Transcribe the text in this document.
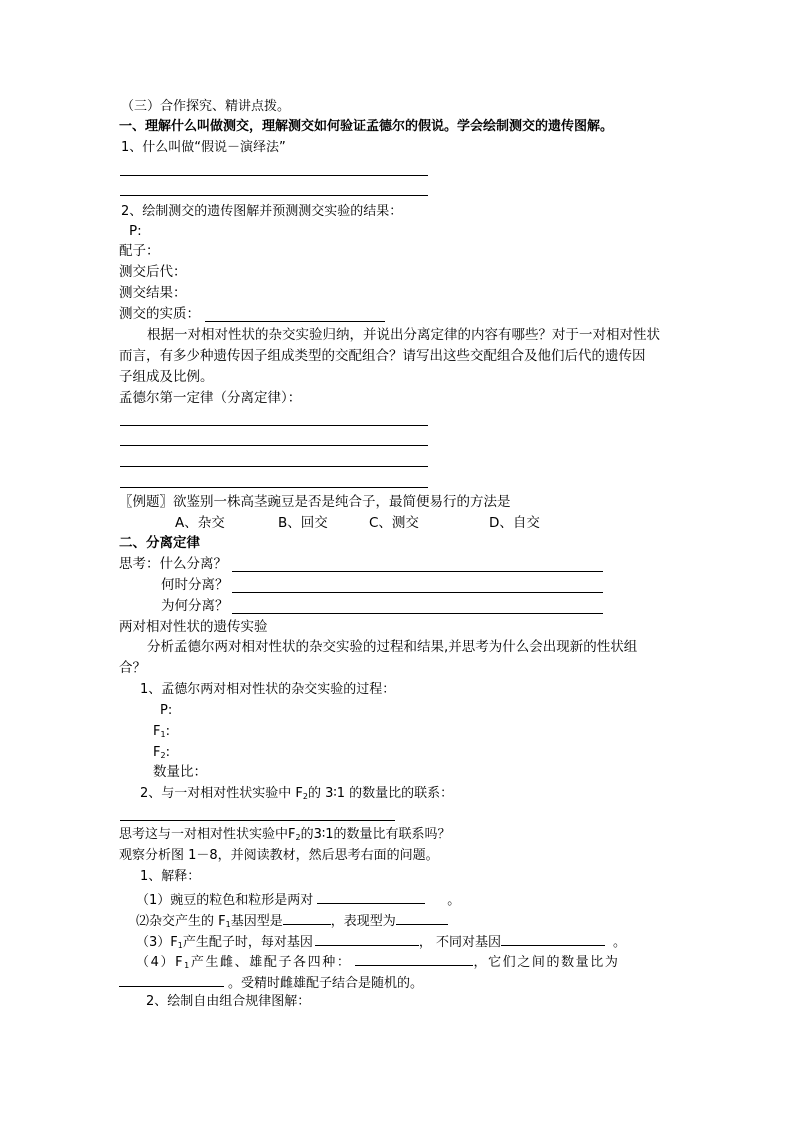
（三）合作探究、精讲点拨。
一、理解什么叫做测交，理解测交如何验证孟德尔的假说。学会绘制测交的遗传图解。
1、什么叫做“假说－演绎法”
2、绘制测交的遗传图解并预测测交实验的结果：
P:
配子：
测交后代：
测交结果：
测交的实质：
根据一对相对性状的杂交实验归纳，并说出分离定律的内容有哪些？对于一对相对性状
而言，有多少种遗传因子组成类型的交配组合？请写出这些交配组合及他们后代的遗传因
子组成及比例。
孟德尔第一定律（分离定律）：
〖例题〗欲鉴别一株高茎豌豆是否是纯合子，最简便易行的方法是
A、杂交	B、回交	C、测交	D、自交
二、分离定律
思考：什么分离？
何时分离？
为何分离？
两对相对性状的遗传实验
分析孟德尔两对相对性状的杂交实验的过程和结果,并思考为什么会出现新的性状组
合？
1、孟德尔两对相对性状的杂交实验的过程：
P:
$F_1$:
$F_2$:
数量比：
2、与一对相对性状实验中 $F_2$的 3∶1 的数量比的联系：
思考这与一对相对性状实验中$F_2$的3∶1的数量比有联系吗？
观察分析图 1－8，并阅读教材，然后思考右面的问题。
1、解释：
（1）豌豆的粒色和粒形是两对	。
⑵杂交产生的 $F_1$基因型是	，表现型为
$(3)F_1$产生配子时，每对基因	， 不同对基因	。
$(4)F_1$产生雌、雄配子各四种：	，它们之间的数量比为
。受精时雌雄配子结合是随机的。
2、绘制自由组合规律图解：
